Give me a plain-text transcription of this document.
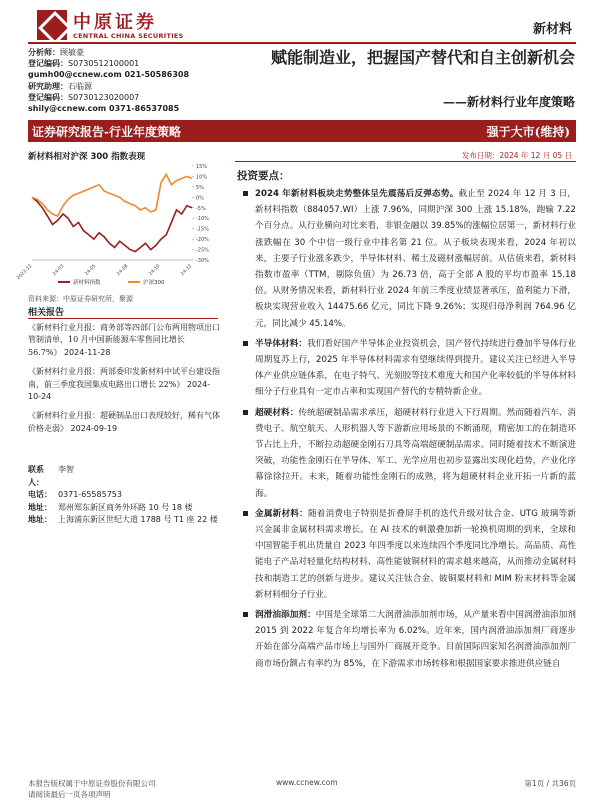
中原证券
CENTRAL CHINA SECURITIES	新材料
分析师：顾敏豪
登记编码：S0730512100001
gumh00@ccnew.com 021-50586308
研究助理：石临源
登记编码：S0730123020007
shily@ccnew.com 0371-86537085
赋能制造业，把握国产替代和自主创新机会
——新材料行业年度策略
证券研究报告-行业年度策略	强于大市(维持)
新材料相对沪深 300 指数表现
15%
10%
5%
0%
-5%
-10%
-15%
-20%
-25%
-30%
2023-12	24-03	24-05	24-08	24-10	24-12
新材料指数	沪深300
资料来源：中原证券研究所，聚源
相关报告
《新材料行业月报：商务部等四部门公布两用物项出口管制清单，10 月中国新能源车零售同比增长 56.7%》 2024-11-28
《新材料行业月报：两部委印发新材料中试平台建设指南，前三季度我国集成电路出口增长 22%》 2024-10-24
《新材料行业月报：超硬制品出口表现较好，稀有气体价格走弱》 2024-09-19
联系人：
李智
电话： 0371-65585753
地址： 郑州郑东新区商务外环路 10 号 18 楼
地址： 上海浦东新区世纪大道 1788 号 T1 座 22 楼
发布日期：2024 年 12 月 05 日
投资要点：
2024 年新材料板块走势整体呈先震荡后反弹态势。截止至 2024 年 12 月 3 日，新材料指数（884057.WI）上涨 7.96%，同期沪深 300 上涨 15.18%，跑输 7.22 个百分点。从行业横向对比来看，非银金融以 39.85%的涨幅位居第一，新材料行业涨跌幅在 30 个中信一级行业中排名第 21 位。从子板块表现来看，2024 年初以来，主要子行业涨多跌少，半导体材料、稀土及磁材涨幅居前。从估值来看，新材料指数市盈率（TTM，剔除负值）为 26.73 倍，高于全部 A 股的平均市盈率 15.18 倍。从财务情况来看，新材料行业 2024 年前三季度业绩显著承压，盈利能力下滑，板块实现营业收入 14475.66 亿元，同比下降 9.26%；实现归母净利润 764.96 亿元，同比减少 45.14%。
半导体材料：我们看好国产半导体企业投资机会，国产替代持续进行叠加半导体行业周期复苏上行，2025 年半导体材料需求有望继续得到提升。建议关注已经进入半导体产业供应链体系，在电子特气、光刻胶等技术难度大和国产化率较低的半导体材料细分子行业具有一定市占率和实现国产替代的专精特新企业。
超硬材料：传统超硬制品需求承压，超硬材料行业进入下行周期。然而随着汽车、消费电子、航空航天、人形机器人等下游新应用场景的不断涌现，精密加工的在制造环节占比上升，不断拉动超硬金刚石刀具等高端超硬制品需求。同时随着技术不断演进突破，功能性金刚石在半导体、军工、光学应用也初步显露出实现化趋势，产业化序幕徐徐拉开。未来，随着功能性金刚石的成熟，将为超硬材料企业开拓一片新的蓝海。
金属新材料：随着消费电子特别是折叠屏手机的迭代升级对钛合金、UTG 玻璃等新兴金属非金属材料需求增长。在 AI 技术的刺激叠加新一轮换机周期的到来，全球和中国智能手机出货量自 2023 年四季度以来连续四个季度同比净增长。高品质、高性能电子产品对轻量化结构材料、高性能铍铜材料的需求越来越高，从而推动金属材料技和制造工艺的创新与进步。建议关注钛合金、铍铜粟材料和 MIM 粉末材料等金属新材料细分子行业。
润滑油添加剂：中国是全球第二大润滑油添加剂市场，从产量来看中国润滑油添加剂 2015 到 2022 年复合年均增长率为 6.02%。近年来，国内润滑油添加剂厂商逐步开始在部分高端产品市场上与国外厂商展开竞争。目前国际四家知名润滑油添加剂厂商市场份额占有率约为 85%，在下游需求市场转移和根据国家要求推进供应链自
本报告版权属于中原证券股份有限公司
请阅读最后一页各项声明
www.ccnew.com	第1页 / 共36页
